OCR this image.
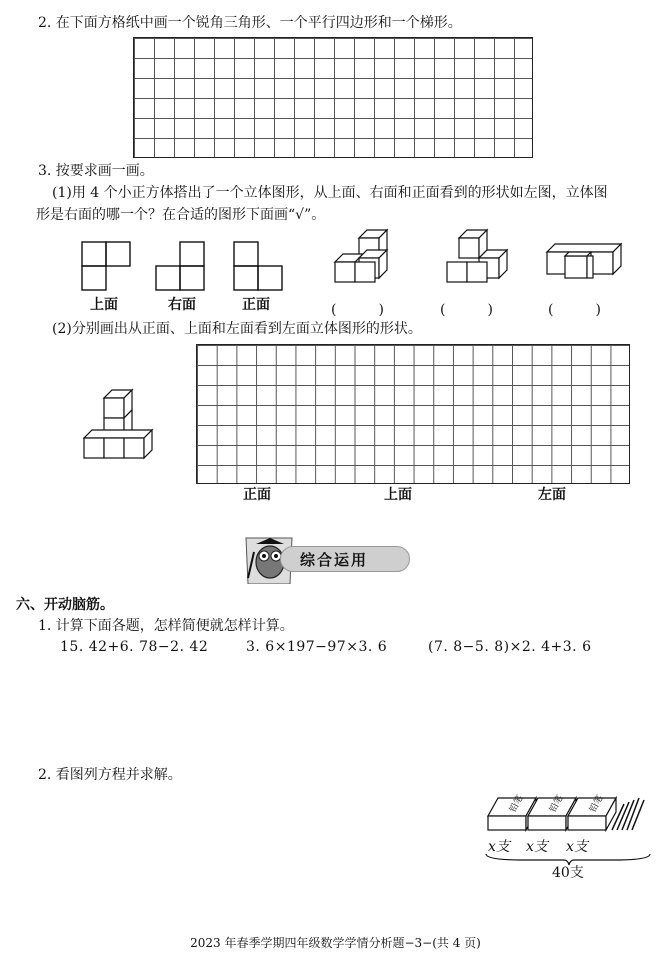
2. 在下面方格纸中画一个锐角三角形、一个平行四边形和一个梯形。
3. 按要求画一画。
(1)用 4 个小正方体搭出了一个立体图形，从上面、右面和正面看到的形状如左图，立体图
形是右面的哪一个？在合适的图形下面画“√”。
上面	右面	正面	(　　　)	(　　　)	(　　　)
(2)分别画出从正面、上面和左面看到左面立体图形的形状。
正面	上面	左面
综合运用
六、开动脑筋。
1. 计算下面各题，怎样简便就怎样计算。
15. 42+6. 78−2. 42	3. 6×197−97×3. 6	(7. 8−5. 8)×2. 4+3. 6
2. 看图列方程并求解。
铅笔	铅笔	铅笔
x支 x支 x支
40支
2023 年春季学期四年级数学学情分析题−3−(共 4 页)
